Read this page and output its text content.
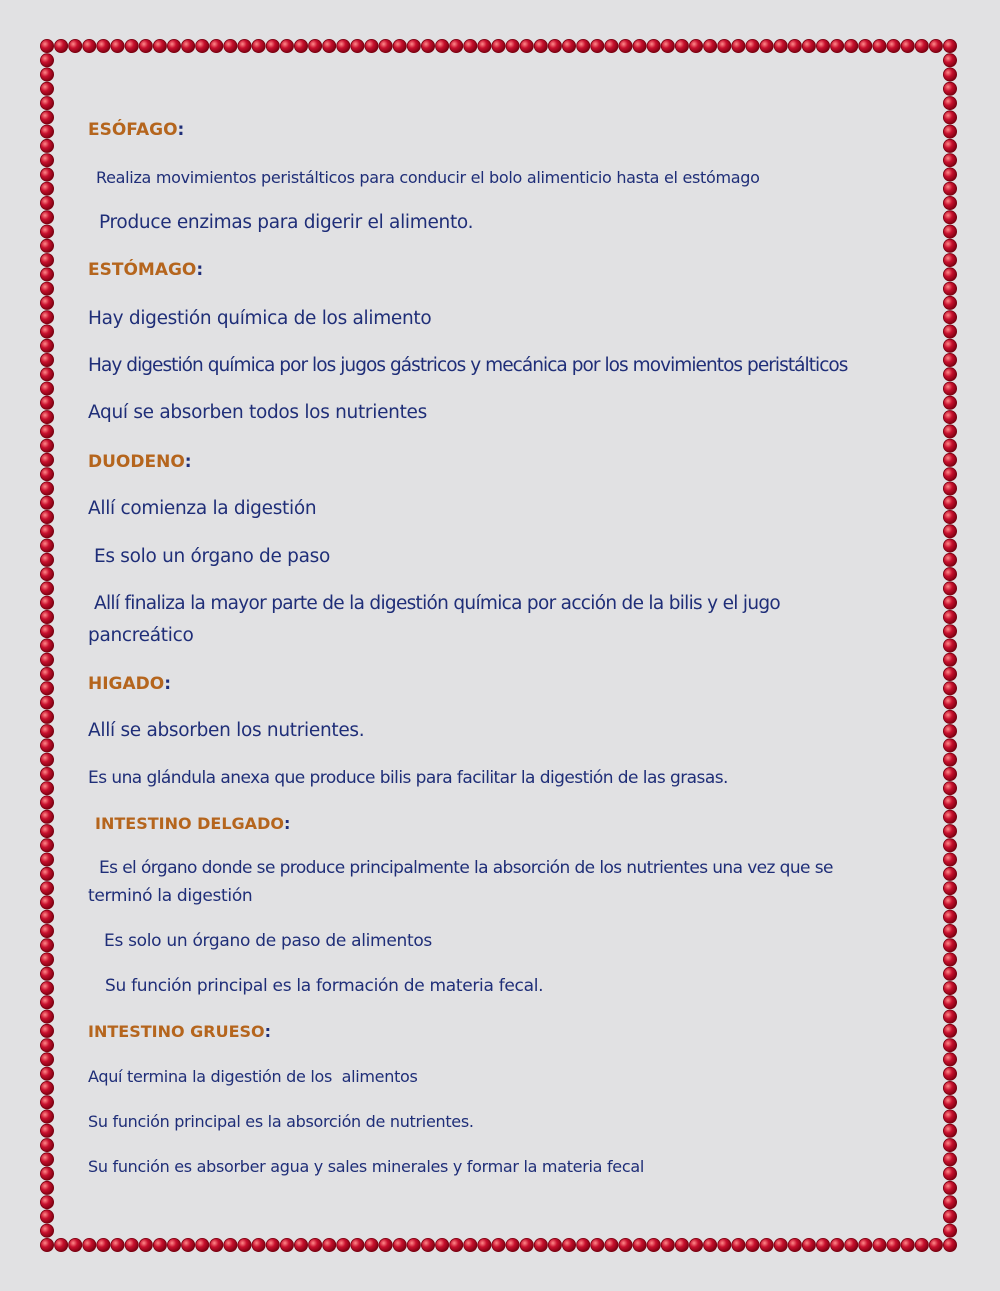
ESÓFAGO:
Realiza movimientos peristálticos para conducir el bolo alimenticio hasta el estómago
Produce enzimas para digerir el alimento.
ESTÓMAGO:
Hay digestión química de los alimento
Hay digestión química por los jugos gástricos y mecánica por los movimientos peristálticos
Aquí se absorben todos los nutrientes
DUODENO:
Allí comienza la digestión
Es solo un órgano de paso
Allí finaliza la mayor parte de la digestión química por acción de la bilis y el jugo
pancreático
HIGADO:
Allí se absorben los nutrientes.
Es una glándula anexa que produce bilis para facilitar la digestión de las grasas.
INTESTINO DELGADO:
Es el órgano donde se produce principalmente la absorción de los nutrientes una vez que se
terminó la digestión
Es solo un órgano de paso de alimentos
Su función principal es la formación de materia fecal.
INTESTINO GRUESO:
Aquí termina la digestión de los  alimentos
Su función principal es la absorción de nutrientes.
Su función es absorber agua y sales minerales y formar la materia fecal
